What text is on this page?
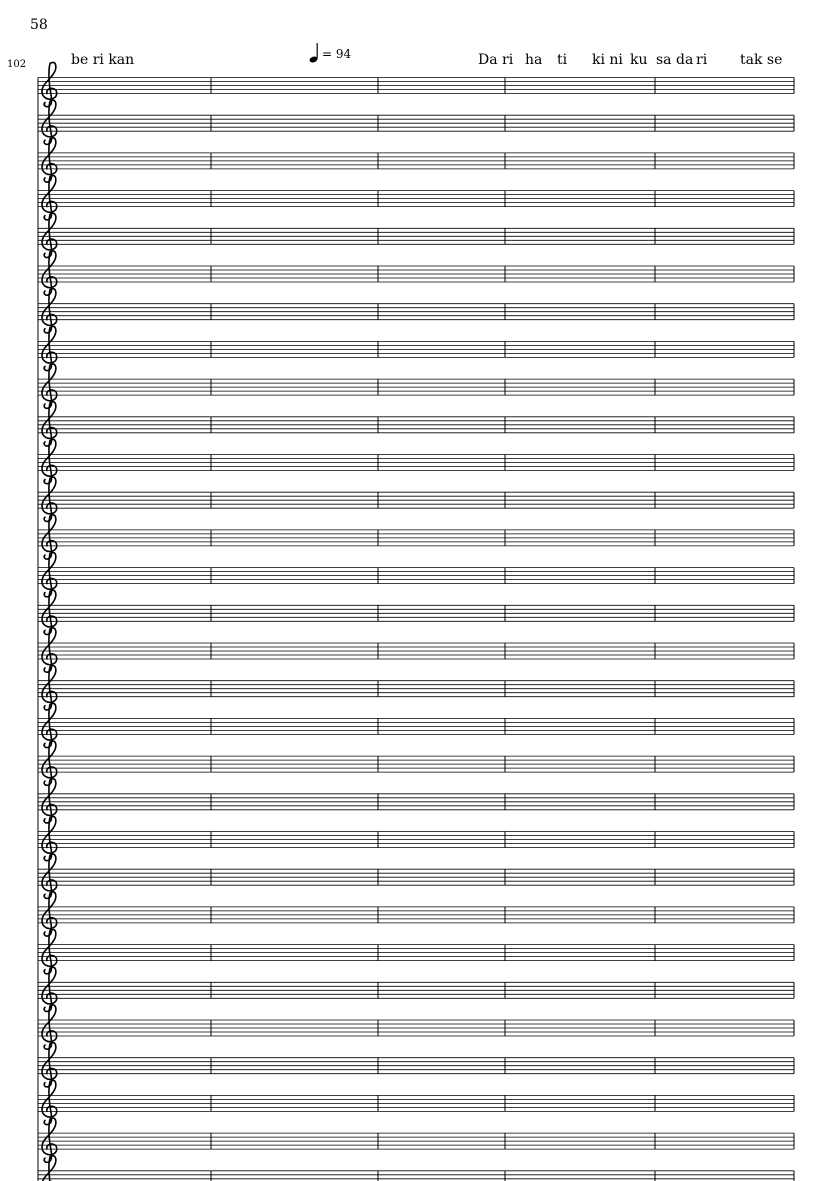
58
102
= 94
be ri kan	Da ri ha ti ki ni ku sa da ri tak se
